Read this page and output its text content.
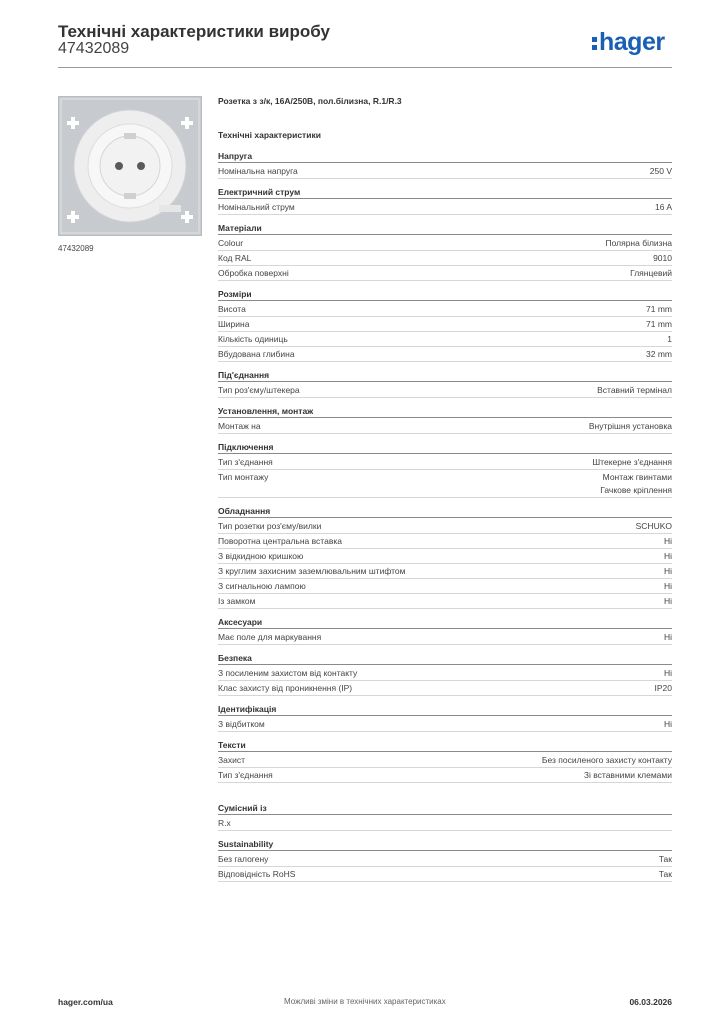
Технічні характеристики виробу
47432089	hager
47432089
Розетка з з/к, 16A/250B, пол.білизна, R.1/R.3
Технічні характеристики
Напруга
Номінальна напруга	250 V
Електричний струм
Номінальний струм	16 A
Матеріали
Colour	Полярна білизна
Код RAL	9010
Обробка поверхні	Глянцевий
Розміри
Висота	71 mm
Ширина	71 mm
Кількість одиниць	1
Вбудована глибина	32 mm
Під'єднання
Тип роз'єму/штекера	Вставний термінал
Установлення, монтаж
Монтаж на	Внутрішня установка
Підключення
Тип з'єднання	Штекерне з'єднання
Тип монтажу	Монтаж гвинтами
Гачкове кріплення
Обладнання
Тип розетки роз'єму/вилки	SCHUKO
Поворотна центральна вставка	Ні
З відкидною кришкою	Ні
З круглим захисним заземлювальним штифтом	Ні
З сигнальною лампою	Ні
Із замком	Ні
Аксесуари
Має поле для маркування	Ні
Безпека
З посиленим захистом від контакту	Ні
Клас захисту від проникнення (IP)	IP20
Ідентифікація
З відбитком	Ні
Тексти
Захист	Без посиленого захисту контакту
Тип з'єднання	Зі вставними клемами
Сумісний із
R.x
Sustainability
Без галогену	Так
Відповідність RoHS	Так
hager.com/ua	Можливі зміни в технічних характеристиках	06.03.2026
